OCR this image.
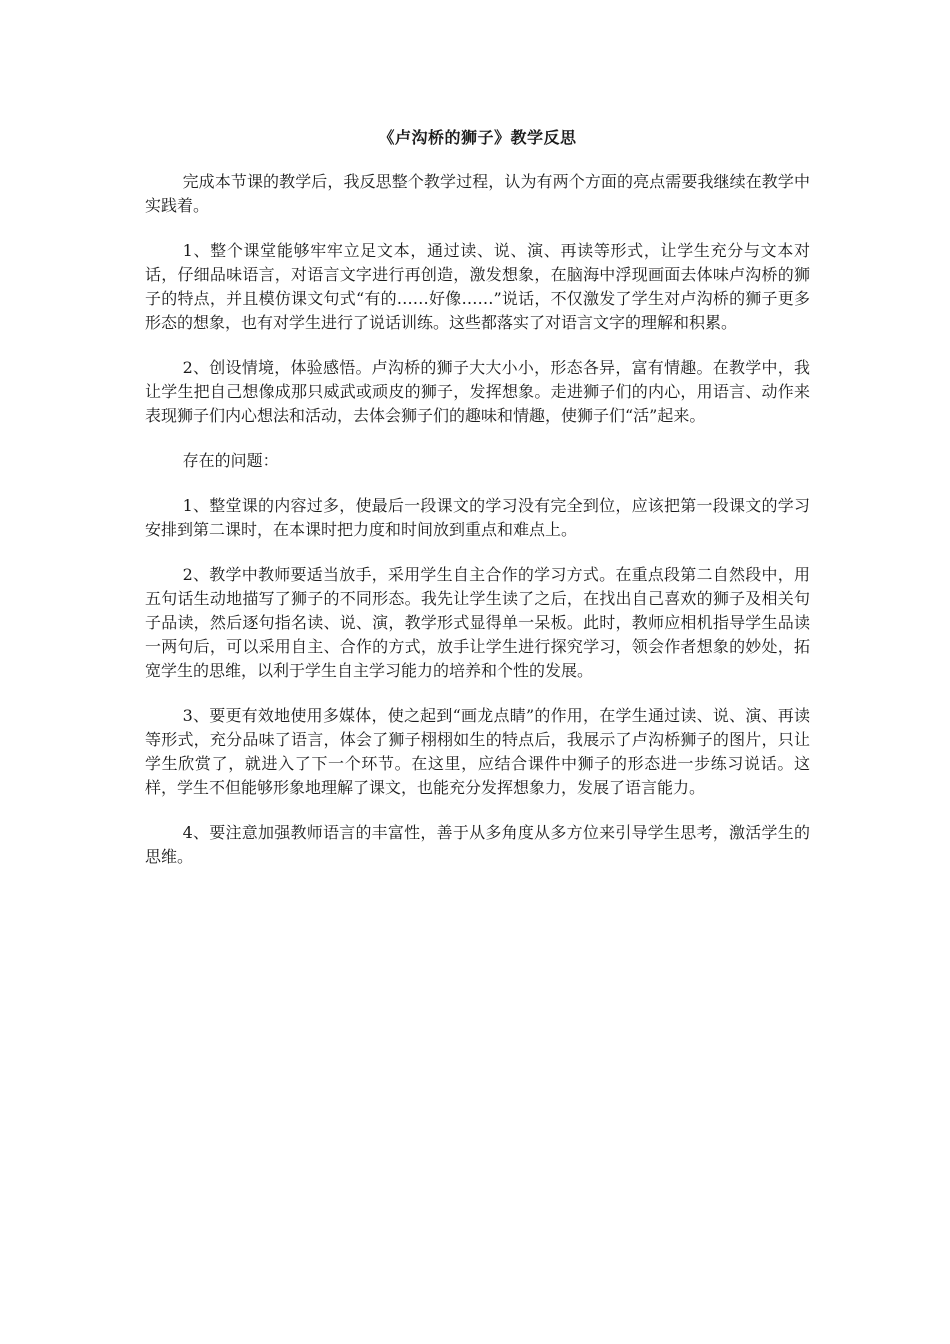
《卢沟桥的狮子》教学反思

完成本节课的教学后，我反思整个教学过程，认为有两个方面的亮点需要我继续在教学中实践着。

1、整个课堂能够牢牢立足文本，通过读、说、演、再读等形式，让学生充分与文本对话，仔细品味语言，对语言文字进行再创造，激发想象，在脑海中浮现画面去体味卢沟桥的狮子的特点，并且模仿课文句式“有的……好像……”说话，不仅激发了学生对卢沟桥的狮子更多形态的想象，也有对学生进行了说话训练。这些都落实了对语言文字的理解和积累。

2、创设情境，体验感悟。卢沟桥的狮子大大小小，形态各异，富有情趣。在教学中，我让学生把自己想像成那只威武或顽皮的狮子，发挥想象。走进狮子们的内心，用语言、动作来表现狮子们内心想法和活动，去体会狮子们的趣味和情趣，使狮子们“活”起来。

存在的问题：

1、整堂课的内容过多，使最后一段课文的学习没有完全到位，应该把第一段课文的学习安排到第二课时，在本课时把力度和时间放到重点和难点上。

2、教学中教师要适当放手，采用学生自主合作的学习方式。在重点段第二自然段中，用五句话生动地描写了狮子的不同形态。我先让学生读了之后，在找出自己喜欢的狮子及相关句子品读，然后逐句指名读、说、演，教学形式显得单一呆板。此时，教师应相机指导学生品读一两句后，可以采用自主、合作的方式，放手让学生进行探究学习，领会作者想象的妙处，拓宽学生的思维，以利于学生自主学习能力的培养和个性的发展。

3、要更有效地使用多媒体，使之起到“画龙点睛”的作用，在学生通过读、说、演、再读等形式，充分品味了语言，体会了狮子栩栩如生的特点后，我展示了卢沟桥狮子的图片，只让学生欣赏了，就进入了下一个环节。在这里，应结合课件中狮子的形态进一步练习说话。这样，学生不但能够形象地理解了课文，也能充分发挥想象力，发展了语言能力。

4、要注意加强教师语言的丰富性，善于从多角度从多方位来引导学生思考，激活学生的思维。
